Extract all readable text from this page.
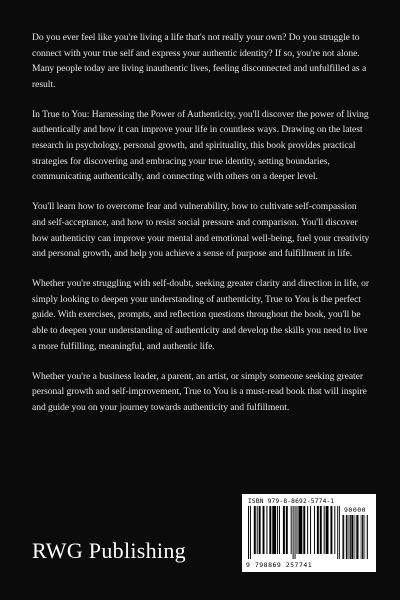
Do you ever feel like you're living a life that's not really your own? Do you struggle to connect with your true self and express your authentic identity? If so, you're not alone. Many people today are living inauthentic lives, feeling disconnected and unfulfilled as a result.

In True to You: Harnessing the Power of Authenticity, you'll discover the power of living authentically and how it can improve your life in countless ways. Drawing on the latest research in psychology, personal growth, and spirituality, this book provides practical strategies for discovering and embracing your true identity, setting boundaries, communicating authentically, and connecting with others on a deeper level.

You'll learn how to overcome fear and vulnerability, how to cultivate self-compassion and self-acceptance, and how to resist social pressure and comparison. You'll discover how authenticity can improve your mental and emotional well-being, fuel your creativity and personal growth, and help you achieve a sense of purpose and fulfillment in life.

Whether you're struggling with self-doubt, seeking greater clarity and direction in life, or simply looking to deepen your understanding of authenticity, True to You is the perfect guide. With exercises, prompts, and reflection questions throughout the book, you'll be able to deepen your understanding of authenticity and develop the skills you need to live a more fulfilling, meaningful, and authentic life.

Whether you're a business leader, a parent, an artist, or simply someone seeking greater personal growth and self-improvement, True to You is a must-read book that will inspire and guide you on your journey towards authenticity and fulfillment.

RWG Publishing
ISBN 979-8-8692-5774-1
90000
9 798869 257741
